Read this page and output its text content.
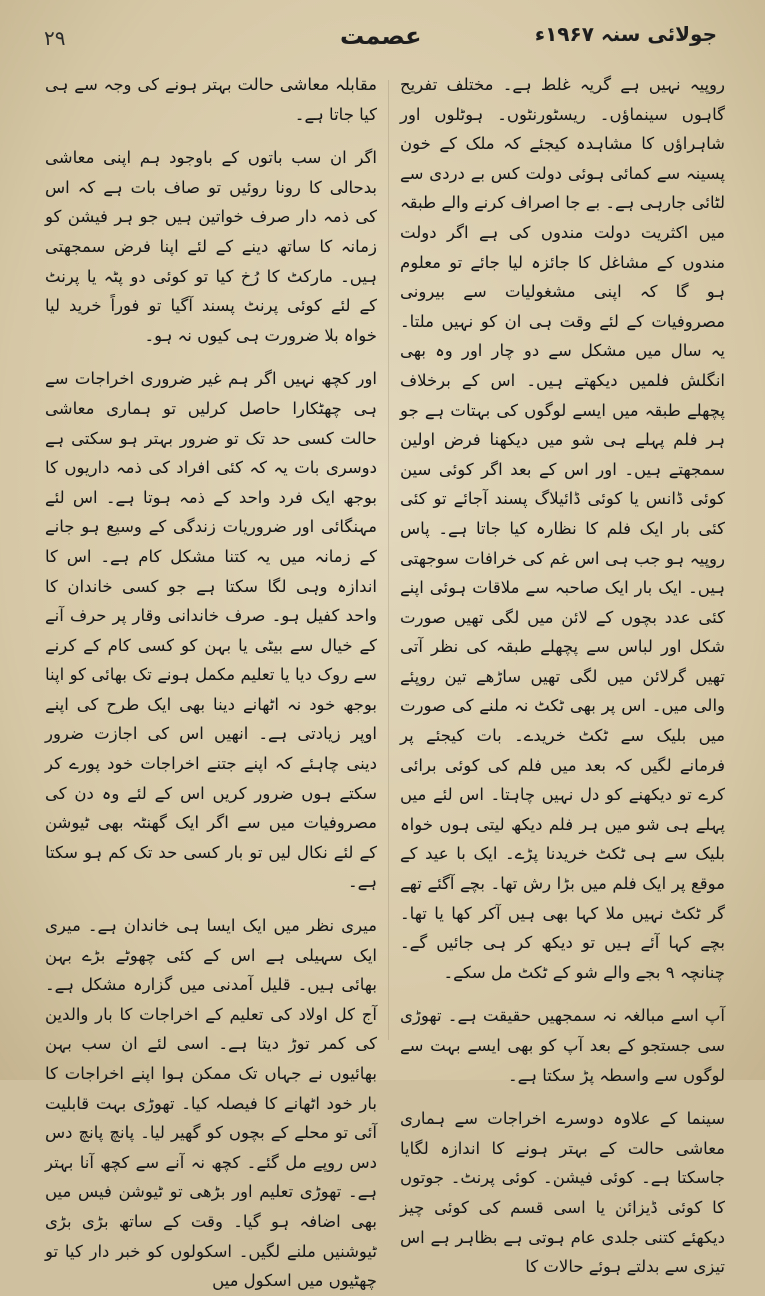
٢٩	عصمت	جولائی سنہ ۱۹۶۷ء

روپیہ نہیں ہے گریہ غلط ہے۔ مختلف تفریح گاہوں سینماؤں۔ ریسٹورنٹوں۔ ہوٹلوں اور شاہراؤں کا مشاہدہ کیجئے کہ ملک کے خون پسینہ سے کمائی ہوئی دولت کس بے دردی سے لٹائی جارہی ہے۔ بے جا اصراف کرنے والے طبقہ میں اکثریت دولت مندوں کی ہے اگر دولت مندوں کے مشاغل کا جائزہ لیا جائے تو معلوم ہو گا کہ اپنی مشغولیات سے بیرونی مصروفیات کے لئے وقت ہی ان کو نہیں ملتا۔ یہ سال میں مشکل سے دو چار اور وہ بھی انگلش فلمیں دیکھتے ہیں۔ اس کے برخلاف پچھلے طبقہ میں ایسے لوگوں کی بہتات ہے جو ہر فلم پہلے ہی شو میں دیکھنا فرض اولین سمجھتے ہیں۔ اور اس کے بعد اگر کوئی سین کوئی ڈانس یا کوئی ڈائیلاگ پسند آجائے تو کئی کئی بار ایک فلم کا نظارہ کیا جاتا ہے۔ پاس روپیہ ہو جب ہی اس غم کی خرافات سوجھتی ہیں۔ ایک بار ایک صاحبہ سے ملاقات ہوئی اپنے کئی عدد بچوں کے لائن میں لگی تھیں صورت شکل اور لباس سے پچھلے طبقہ کی نظر آتی تھیں گرلائن میں لگی تھیں ساڑھے تین روپئے والی میں۔ اس پر بھی ٹکٹ نہ ملنے کی صورت میں بلیک سے ٹکٹ خریدے۔ بات کیجئے پر فرمانے لگیں کہ بعد میں فلم کی کوئی برائی کرے تو دیکھنے کو دل نہیں چاہتا۔ اس لئے میں پہلے ہی شو میں ہر فلم دیکھ لیتی ہوں خواہ بلیک سے ہی ٹکٹ خریدنا پڑے۔ ایک با عید کے موقع پر ایک فلم میں بڑا رش تھا۔ بچے آگئے تھے گر ٹکٹ نہیں ملا کہا بھی ہیں آکر کھا یا تھا۔ بچے کہا آئے ہیں تو دیکھ کر ہی جائیں گے۔ چنانچہ ۹ بجے والے شو کے ٹکٹ مل سکے۔

آپ اسے مبالغہ نہ سمجھیں حقیقت ہے۔ تھوڑی سی جستجو کے بعد آپ کو بھی ایسے بہت سے لوگوں سے واسطہ پڑ سکتا ہے۔

سینما کے علاوہ دوسرے اخراجات سے ہماری معاشی حالت کے بہتر ہونے کا اندازہ لگایا جاسکتا ہے۔ کوئی فیشن۔ کوئی پرنٹ۔ جوتوں کا کوئی ڈیزائن یا اسی قسم کی کوئی چیز دیکھئے کتنی جلدی عام ہوتی ہے بظاہر ہے اس تیزی سے بدلتے ہوئے حالات کا

مقابلہ معاشی حالت بہتر ہونے کی وجہ سے ہی کیا جاتا ہے۔

اگر ان سب باتوں کے باوجود ہم اپنی معاشی بدحالی کا رونا روئیں تو صاف بات ہے کہ اس کی ذمہ دار صرف خواتین ہیں جو ہر فیشن کو زمانہ کا ساتھ دینے کے لئے اپنا فرض سمجھتی ہیں۔ مارکٹ کا رُخ کیا تو کوئی دو پٹہ یا پرنٹ کے لئے کوئی پرنٹ پسند آگیا تو فوراً خرید لیا خواہ بلا ضرورت ہی کیوں نہ ہو۔

اور کچھ نہیں اگر ہم غیر ضروری اخراجات سے ہی چھٹکارا حاصل کرلیں تو ہماری معاشی حالت کسی حد تک تو ضرور بہتر ہو سکتی ہے دوسری بات یہ کہ کئی افراد کی ذمہ داریوں کا بوجھ ایک فرد واحد کے ذمہ ہوتا ہے۔ اس لئے مہنگائی اور ضروریات زندگی کے وسیع ہو جانے کے زمانہ میں یہ کتنا مشکل کام ہے۔ اس کا اندازہ وہی لگا سکتا ہے جو کسی خاندان کا واحد کفیل ہو۔ صرف خاندانی وقار پر حرف آنے کے خیال سے بیٹی یا بہن کو کسی کام کے کرنے سے روک دیا یا تعلیم مکمل ہونے تک بھائی کو اپنا بوجھ خود نہ اٹھانے دینا بھی ایک طرح کی اپنے اوپر زیادتی ہے۔ انھیں اس کی اجازت ضرور دینی چاہئے کہ اپنے جتنے اخراجات خود پورے کر سکتے ہوں ضرور کریں اس کے لئے وہ دن کی مصروفیات میں سے اگر ایک گھنٹہ بھی ٹیوشن کے لئے نکال لیں تو بار کسی حد تک کم ہو سکتا ہے۔

میری نظر میں ایک ایسا ہی خاندان ہے۔ میری ایک سہیلی ہے اس کے کئی چھوٹے بڑے بہن بھائی ہیں۔ قلیل آمدنی میں گزارہ مشکل ہے۔ آج کل اولاد کی تعلیم کے اخراجات کا بار والدین کی کمر توڑ دیتا ہے۔ اسی لئے ان سب بہن بھائیوں نے جہاں تک ممکن ہوا اپنے اخراجات کا بار خود اٹھانے کا فیصلہ کیا۔ تھوڑی بہت قابلیت آئی تو محلے کے بچوں کو گھیر لیا۔ پانچ پانچ دس دس روپے مل گئے۔ کچھ نہ آنے سے کچھ آنا بہتر ہے۔ تھوڑی تعلیم اور بڑھی تو ٹیوشن فیس میں بھی اضافہ ہو گیا۔ وقت کے ساتھ بڑی بڑی ٹیوشنیں ملنے لگیں۔ اسکولوں کو خبر دار کیا تو چھٹیوں میں اسکول میں
